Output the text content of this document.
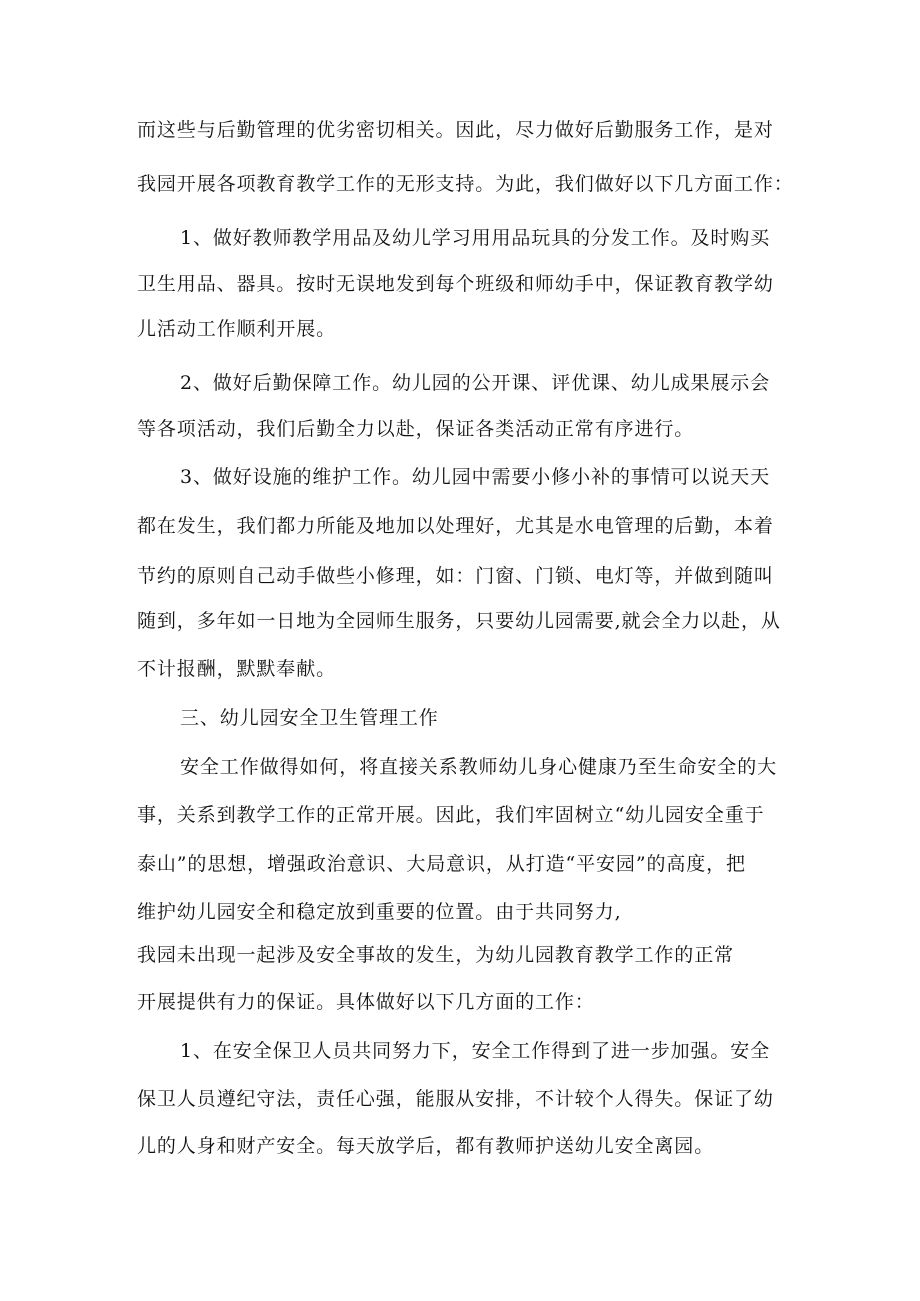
而这些与后勤管理的优劣密切相关。因此，尽力做好后勤服务工作，是对
我园开展各项教育教学工作的无形支持。为此，我们做好以下几方面工作：
1、做好教师教学用品及幼儿学习用用品玩具的分发工作。及时购买
卫生用品、器具。按时无误地发到每个班级和师幼手中，保证教育教学幼
儿活动工作顺利开展。
2、做好后勤保障工作。幼儿园的公开课、评优课、幼儿成果展示会
等各项活动，我们后勤全力以赴，保证各类活动正常有序进行。
3、做好设施的维护工作。幼儿园中需要小修小补的事情可以说天天
都在发生，我们都力所能及地加以处理好，尤其是水电管理的后勤，本着
节约的原则自己动手做些小修理，如：门窗、门锁、电灯等，并做到随叫
随到，多年如一日地为全园师生服务，只要幼儿园需要,就会全力以赴，从
不计报酬，默默奉献。
三、幼儿园安全卫生管理工作
安全工作做得如何，将直接关系教师幼儿身心健康乃至生命安全的大
事，关系到教学工作的正常开展。因此，我们牢固树立“幼儿园安全重于
泰山”的思想，增强政治意识、大局意识，从打造“平安园”的高度，把
维护幼儿园安全和稳定放到重要的位置。由于共同努力,
我园未出现一起涉及安全事故的发生，为幼儿园教育教学工作的正常
开展提供有力的保证。具体做好以下几方面的工作：
1、在安全保卫人员共同努力下，安全工作得到了进一步加强。安全
保卫人员遵纪守法，责任心强，能服从安排，不计较个人得失。保证了幼
儿的人身和财产安全。每天放学后，都有教师护送幼儿安全离园。
